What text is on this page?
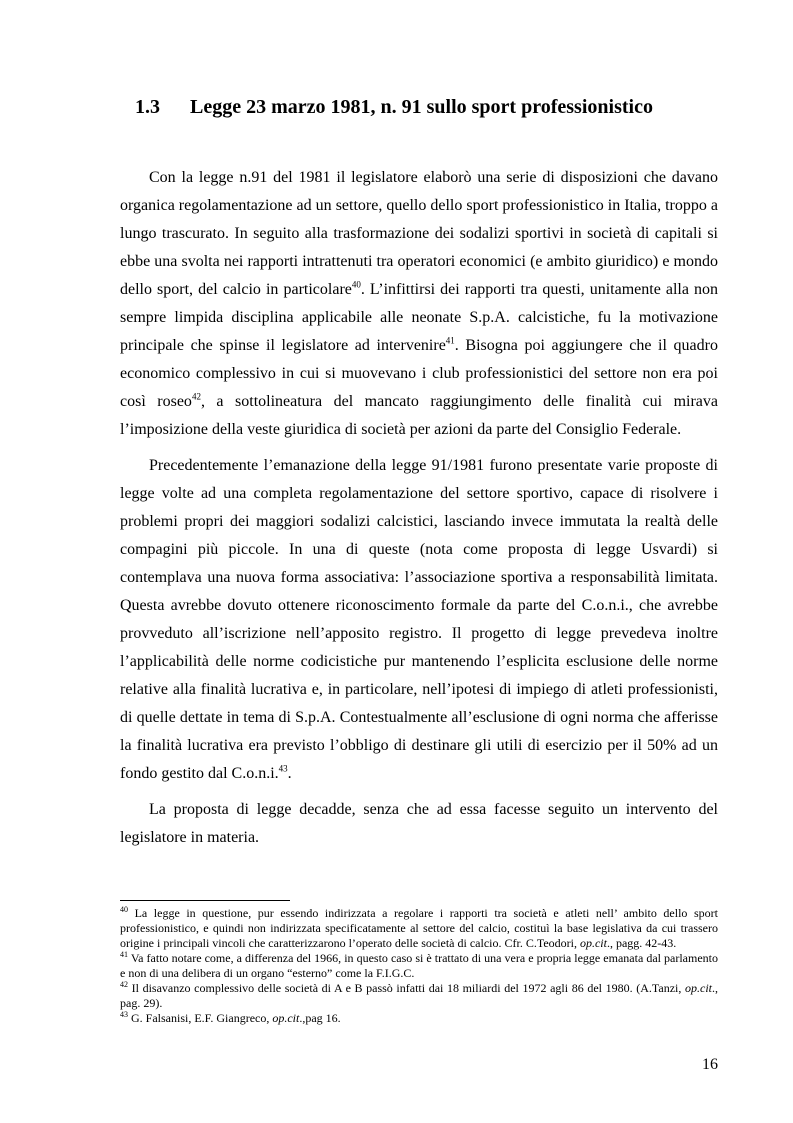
1.3 Legge 23 marzo 1981, n. 91 sullo sport professionistico

Con la legge n.91 del 1981 il legislatore elaborò una serie di disposizioni che davano organica regolamentazione ad un settore, quello dello sport professionistico in Italia, troppo a lungo trascurato. In seguito alla trasformazione dei sodalizi sportivi in società di capitali si ebbe una svolta nei rapporti intrattenuti tra operatori economici (e ambito giuridico) e mondo dello sport, del calcio in particolare$^{40}$. L’infittirsi dei rapporti tra questi, unitamente alla non sempre limpida disciplina applicabile alle neonate S.p.A. calcistiche, fu la motivazione principale che spinse il legislatore ad intervenire$^{41}$. Bisogna poi aggiungere che il quadro economico complessivo in cui si muovevano i club professionistici del settore non era poi così roseo$^{42}$, a sottolineatura del mancato raggiungimento delle finalità cui mirava l’imposizione della veste giuridica di società per azioni da parte del Consiglio Federale.

Precedentemente l’emanazione della legge 91/1981 furono presentate varie proposte di legge volte ad una completa regolamentazione del settore sportivo, capace di risolvere i problemi propri dei maggiori sodalizi calcistici, lasciando invece immutata la realtà delle compagini più piccole. In una di queste (nota come proposta di legge Usvardi) si contemplava una nuova forma associativa: l’associazione sportiva a responsabilità limitata. Questa avrebbe dovuto ottenere riconoscimento formale da parte del C.o.n.i., che avrebbe provveduto all’iscrizione nell’apposito registro. Il progetto di legge prevedeva inoltre l’applicabilità delle norme codicistiche pur mantenendo l’esplicita esclusione delle norme relative alla finalità lucrativa e, in particolare, nell’ipotesi di impiego di atleti professionisti, di quelle dettate in tema di S.p.A. Contestualmente all’esclusione di ogni norma che afferisse la finalità lucrativa era previsto l’obbligo di destinare gli utili di esercizio per il 50% ad un fondo gestito dal C.o.n.i.$^{43}$.

La proposta di legge decadde, senza che ad essa facesse seguito un intervento del legislatore in materia.

$^{40}$ La legge in questione, pur essendo indirizzata a regolare i rapporti tra società e atleti nell’ ambito dello sport professionistico, e quindi non indirizzata specificatamente al settore del calcio, costituì la base legislativa da cui trassero origine i principali vincoli che caratterizzarono l’operato delle società di calcio. Cfr. C.Teodori, op.cit., pagg. 42-43.

$^{41}$ Va fatto notare come, a differenza del 1966, in questo caso si è trattato di una vera e propria legge emanata dal parlamento e non di una delibera di un organo “esterno” come la F.I.G.C.

$^{42}$ Il disavanzo complessivo delle società di A e B passò infatti dai 18 miliardi del 1972 agli 86 del 1980. (A.Tanzi, op.cit., pag. 29).

$^{43}$ G. Falsanisi, E.F. Giangreco, op.cit.,pag 16.

16
